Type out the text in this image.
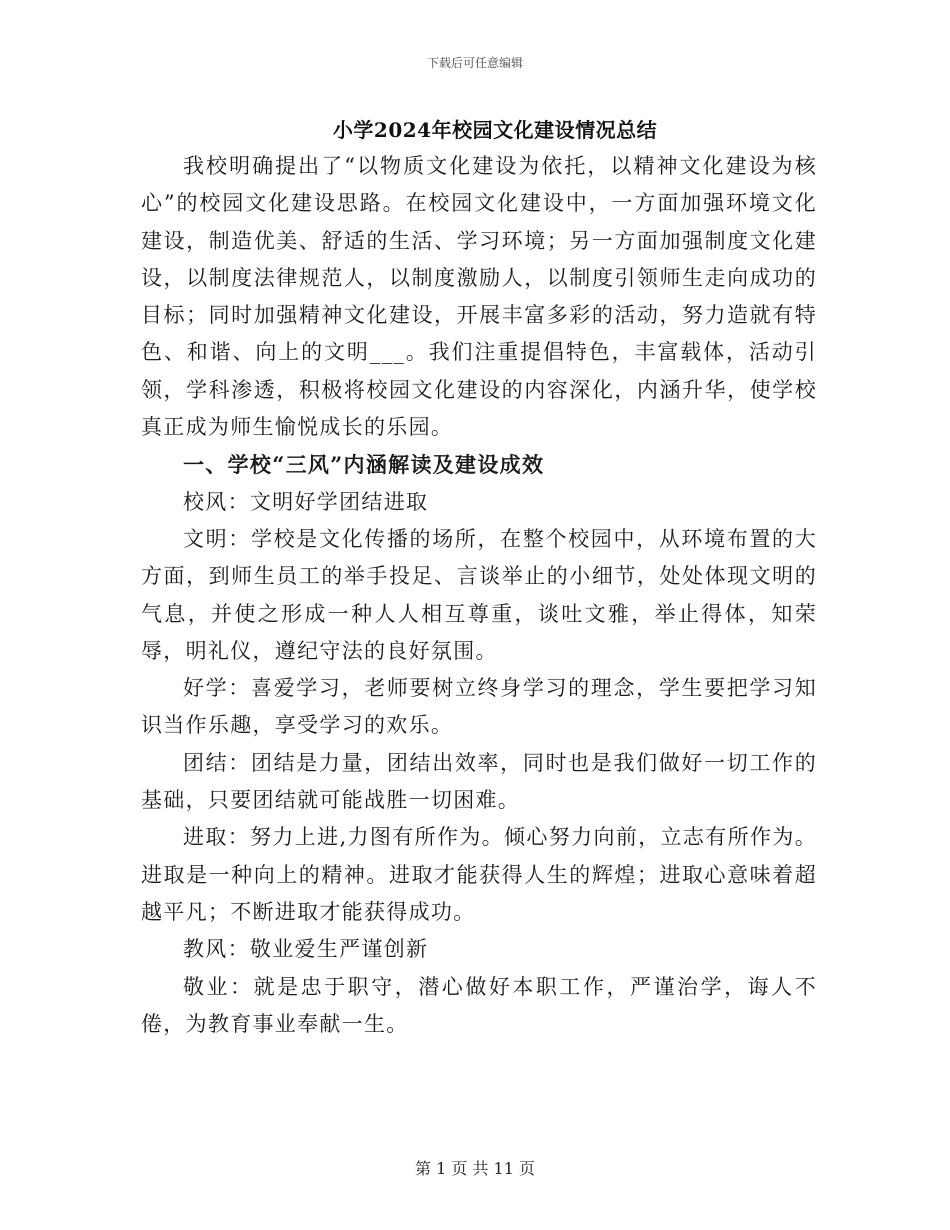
下载后可任意编辑
小学2024年校园文化建设情况总结

我校明确提出了“以物质文化建设为依托，以精神文化建设为核心”的校园文化建设思路。在校园文化建设中，一方面加强环境文化建设，制造优美、舒适的生活、学习环境；另一方面加强制度文化建设，以制度法律规范人，以制度激励人，以制度引领师生走向成功的目标；同时加强精神文化建设，开展丰富多彩的活动，努力造就有特色、和谐、向上的文明___。我们注重提倡特色，丰富载体，活动引领，学科渗透，积极将校园文化建设的内容深化，内涵升华，使学校真正成为师生愉悦成长的乐园。

一、学校“三风”内涵解读及建设成效

校风：文明好学团结进取

文明：学校是文化传播的场所，在整个校园中，从环境布置的大方面，到师生员工的举手投足、言谈举止的小细节，处处体现文明的气息，并使之形成一种人人相互尊重，谈吐文雅，举止得体，知荣辱，明礼仪，遵纪守法的良好氛围。

好学：喜爱学习，老师要树立终身学习的理念，学生要把学习知识当作乐趣，享受学习的欢乐。

团结：团结是力量，团结出效率，同时也是我们做好一切工作的基础，只要团结就可能战胜一切困难。

进取：努力上进,力图有所作为。倾心努力向前，立志有所作为。进取是一种向上的精神。进取才能获得人生的辉煌；进取心意味着超越平凡；不断进取才能获得成功。

教风：敬业爱生严谨创新

敬业：就是忠于职守，潜心做好本职工作，严谨治学，诲人不倦，为教育事业奉献一生。

第 1 页 共 11 页
